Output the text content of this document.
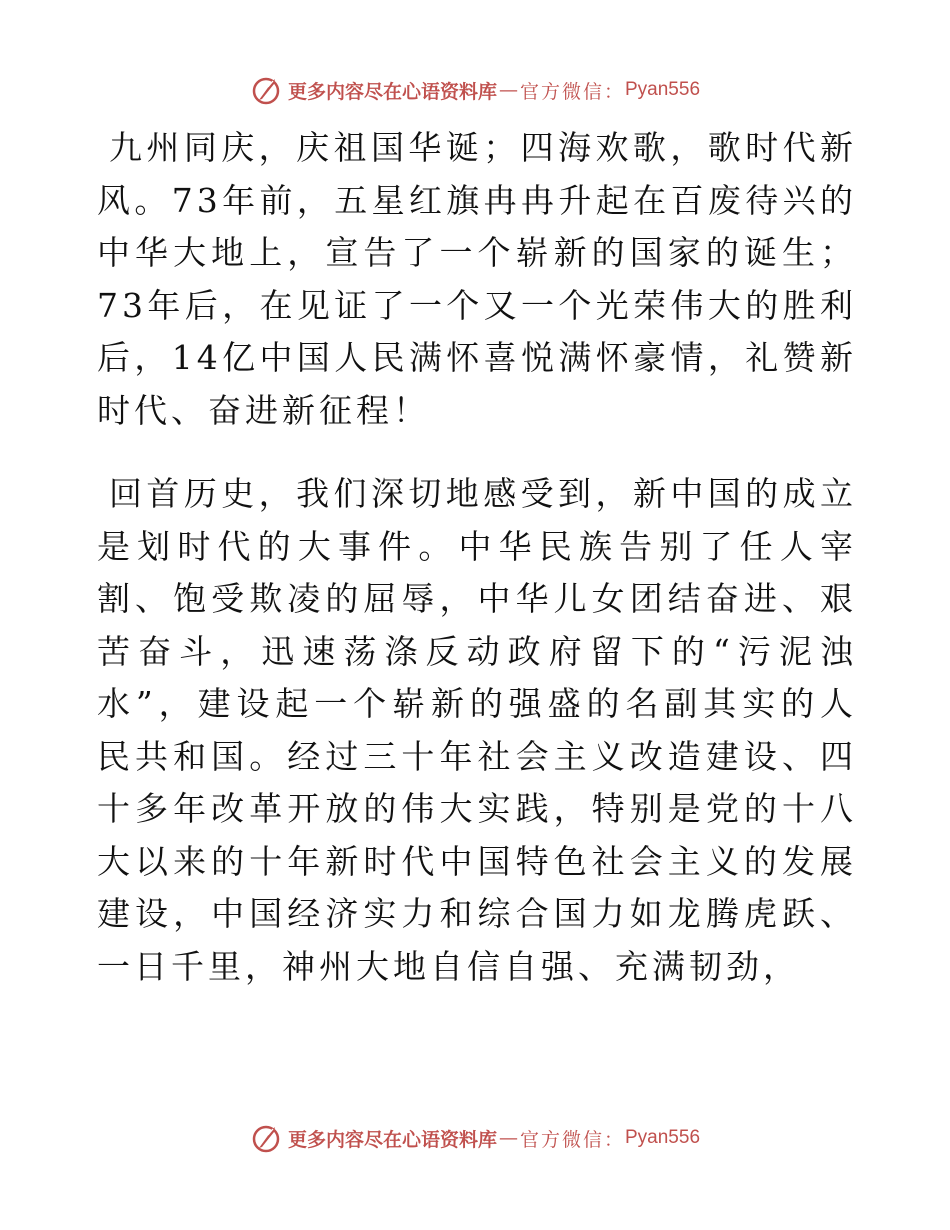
更多内容尽在心语资料库 — 官方微信： Pyan556

九州同庆，庆祖国华诞；四海欢歌，歌时代新风。73年前，五星红旗冉冉升起在百废待兴的中华大地上，宣告了一个崭新的国家的诞生；73年后，在见证了一个又一个光荣伟大的胜利后，14亿中国人民满怀喜悦满怀豪情，礼赞新时代、奋进新征程！

回首历史，我们深切地感受到，新中国的成立是划时代的大事件。中华民族告别了任人宰割、饱受欺凌的屈辱，中华儿女团结奋进、艰苦奋斗，迅速荡涤反动政府留下的“污泥浊水”，建设起一个崭新的强盛的名副其实的人民共和国。经过三十年社会主义改造建设、四十多年改革开放的伟大实践，特别是党的十八大以来的十年新时代中国特色社会主义的发展建设，中国经济实力和综合国力如龙腾虎跃、一日千里，神州大地自信自强、充满韧劲，

更多内容尽在心语资料库 — 官方微信： Pyan556
